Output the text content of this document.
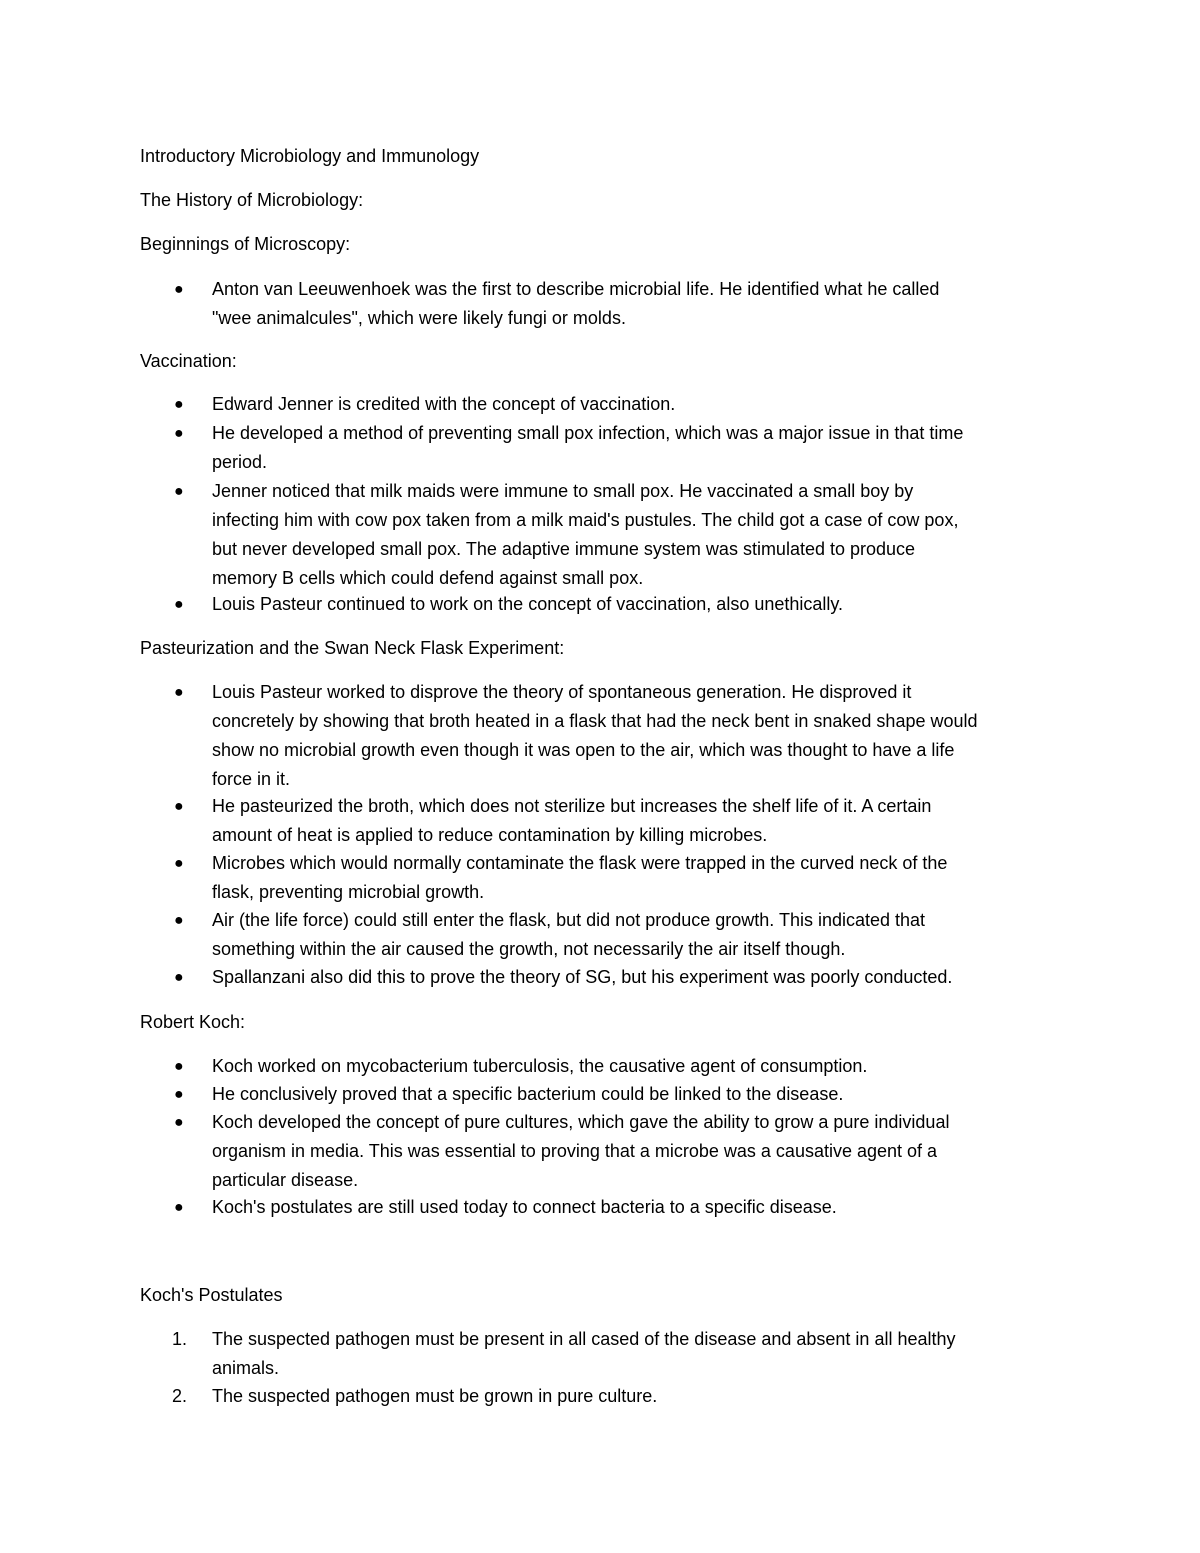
Introductory Microbiology and Immunology

The History of Microbiology:

Beginnings of Microscopy:

● Anton van Leeuwenhoek was the first to describe microbial life. He identified what he called
"wee animalcules", which were likely fungi or molds.

Vaccination:

● Edward Jenner is credited with the concept of vaccination.
● He developed a method of preventing small pox infection, which was a major issue in that time
period.
● Jenner noticed that milk maids were immune to small pox. He vaccinated a small boy by
infecting him with cow pox taken from a milk maid's pustules. The child got a case of cow pox,
but never developed small pox. The adaptive immune system was stimulated to produce
memory B cells which could defend against small pox.
● Louis Pasteur continued to work on the concept of vaccination, also unethically.

Pasteurization and the Swan Neck Flask Experiment:

● Louis Pasteur worked to disprove the theory of spontaneous generation. He disproved it
concretely by showing that broth heated in a flask that had the neck bent in snaked shape would
show no microbial growth even though it was open to the air, which was thought to have a life
force in it.
● He pasteurized the broth, which does not sterilize but increases the shelf life of it. A certain
amount of heat is applied to reduce contamination by killing microbes.
● Microbes which would normally contaminate the flask were trapped in the curved neck of the
flask, preventing microbial growth.
● Air (the life force) could still enter the flask, but did not produce growth. This indicated that
something within the air caused the growth, not necessarily the air itself though.
● Spallanzani also did this to prove the theory of SG, but his experiment was poorly conducted.

Robert Koch:

● Koch worked on mycobacterium tuberculosis, the causative agent of consumption.
● He conclusively proved that a specific bacterium could be linked to the disease.
● Koch developed the concept of pure cultures, which gave the ability to grow a pure individual
organism in media. This was essential to proving that a microbe was a causative agent of a
particular disease.
● Koch's postulates are still used today to connect bacteria to a specific disease.

Koch's Postulates

1. The suspected pathogen must be present in all cased of the disease and absent in all healthy
animals.
2. The suspected pathogen must be grown in pure culture.
